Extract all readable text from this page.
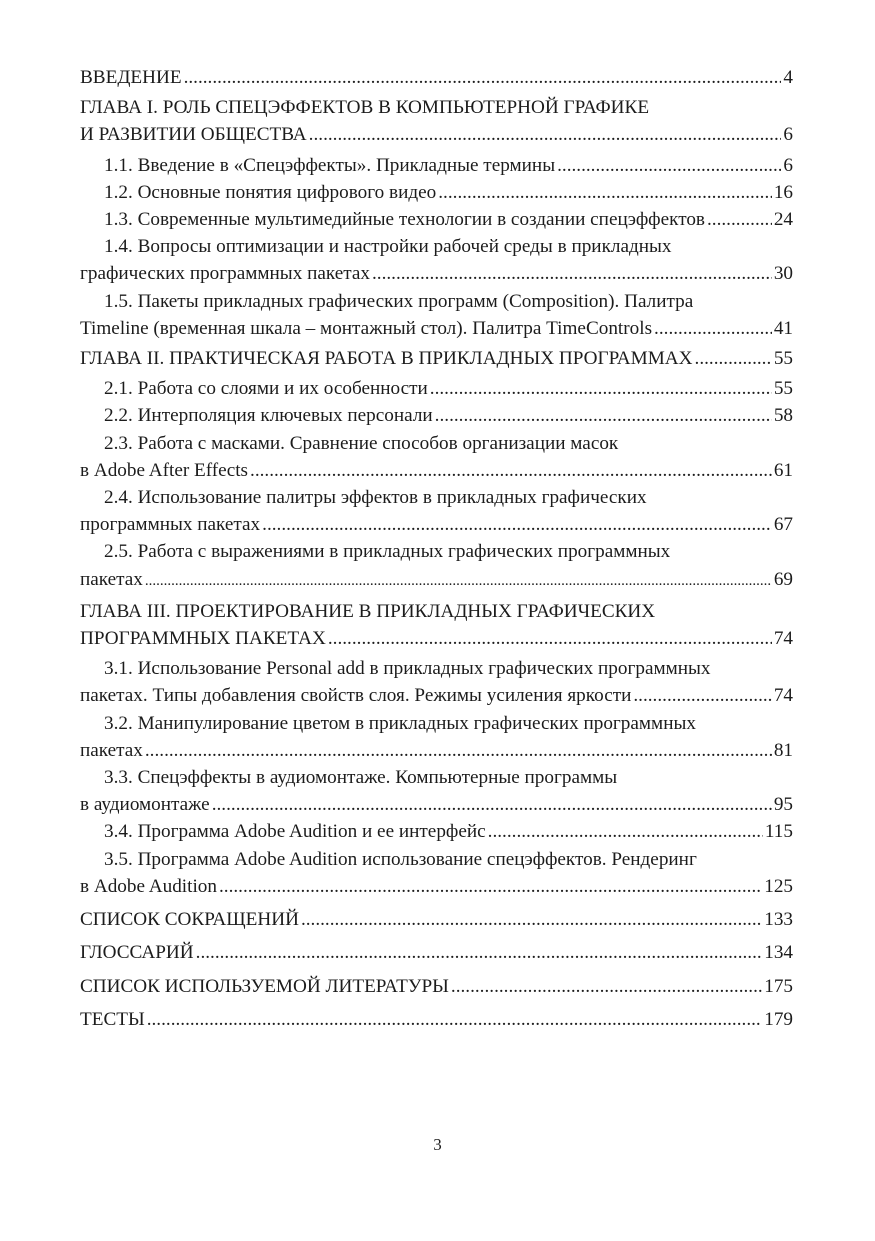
ВВЕДЕНИЕ .....	4
ГЛАВА I. РОЛЬ СПЕЦЭФФЕКТОВ В КОМПЬЮТЕРНОЙ ГРАФИКЕ
И РАЗВИТИИ ОБЩЕСТВА .....	6
1.1. Введение в «Спецэффекты». Прикладные термины .....	6
1.2. Основные понятия цифрового видео .....	16
1.3. Современные мультимедийные технологии в создании спецэффектов .....	24
1.4. Вопросы оптимизации и настройки рабочей среды в прикладных
графических программных пакетах .....	30
1.5. Пакеты прикладных графических программ (Composition). Палитра
Timeline (временная шкала – монтажный стол). Палитра TimeControls .....	41
ГЛАВА II. ПРАКТИЧЕСКАЯ РАБОТА В ПРИКЛАДНЫХ ПРОГРАММАХ .....	55
2.1. Работа со слоями и их особенности .....	55
2.2. Интерполяция ключевых персонали .....	58
2.3. Работа с масками. Сравнение способов организации масок
в Adobe After Effects .....	61
2.4. Использование палитры эффектов в прикладных графических
программных пакетах .....	67
2.5. Работа с выражениями в прикладных графических программных
пакетах .....	69
ГЛАВА III. ПРОЕКТИРОВАНИЕ В ПРИКЛАДНЫХ ГРАФИЧЕСКИХ
ПРОГРАММНЫХ ПАКЕТАХ .....	74
3.1. Использование Personal add в прикладных графических программных
пакетах. Типы добавления свойств слоя. Режимы усиления яркости .....	74
3.2. Манипулирование цветом в прикладных графических программных
пакетах .....	81
3.3. Спецэффекты в аудиомонтаже. Компьютерные программы
в аудиомонтаже .....	95
3.4. Программа Adobe Audition и ее интерфейс .....	115
3.5. Программа Adobe Audition использование спецэффектов. Рендеринг
в Adobe Audition .....	125
СПИСОК СОКРАЩЕНИЙ .....	133
ГЛОССАРИЙ .....	134
СПИСОК ИСПОЛЬЗУЕМОЙ ЛИТЕРАТУРЫ .....	175
ТЕСТЫ .....	179
3
